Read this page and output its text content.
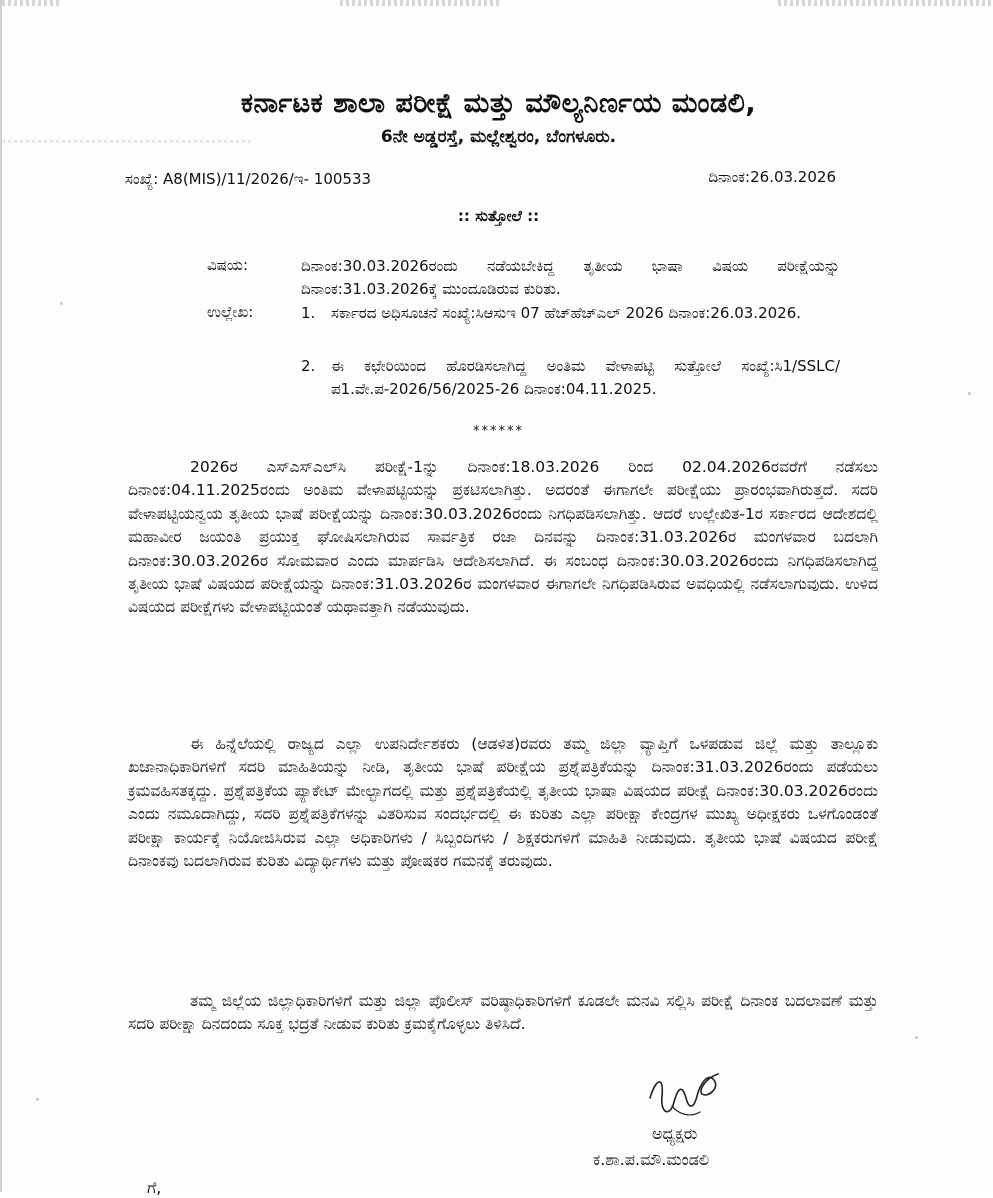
ಕರ್ನಾಟಕ ಶಾಲಾ ಪರೀಕ್ಷೆ ಮತ್ತು ಮೌಲ್ಯನಿರ್ಣಯ ಮಂಡಲಿ,
6ನೇ ಅಡ್ಡರಸ್ತೆ, ಮಲ್ಲೇಶ್ವರಂ, ಬೆಂಗಳೂರು.
ಸಂಖ್ಯೆ: A8(MIS)/11/2026/ಇ- 100533	ದಿನಾಂಕ:26.03.2026
:: ಸುತ್ತೋಲೆ ::
ವಿಷಯ:	ದಿನಾಂಕ:30.03.2026ರಂದು ನಡೆಯಬೇಕಿದ್ದ ತೃತೀಯ ಭಾಷಾ ವಿಷಯ ಪರೀಕ್ಷೆಯನ್ನು ದಿನಾಂಕ:31.03.2026ಕ್ಕೆ ಮುಂದೂಡಿರುವ ಕುರಿತು.
ಉಲ್ಲೇಖ:	1. ಸರ್ಕಾರದ ಅಧಿಸೂಚನೆ ಸಂಖ್ಯೆ:ಸಿಆಸುಇ 07 ಹೆಚ್‌ಹೆಚ್‌ಎಲ್ 2026 ದಿನಾಂಕ:26.03.2026.
2. ಈ ಕಛೇರಿಯಿಂದ ಹೊರಡಿಸಲಾಗಿದ್ದ ಅಂತಿಮ ವೇಳಾಪಟ್ಟಿ ಸುತ್ತೋಲೆ ಸಂಖ್ಯೆ:ಸಿ1/SSLC/ಪ1.ವೇ.ಪ-2026/56/2025-26 ದಿನಾಂಕ:04.11.2025.
******
2026ರ ಎಸ್‌ಎಸ್‌ಎಲ್‌ಸಿ ಪರೀಕ್ಷೆ-1ನ್ನು ದಿನಾಂಕ:18.03.2026 ರಿಂದ 02.04.2026ರವರೆಗೆ ನಡೆಸಲು ದಿನಾಂಕ:04.11.2025ರಂದು ಅಂತಿಮ ವೇಳಾಪಟ್ಟಿಯನ್ನು ಪ್ರಕಟಿಸಲಾಗಿತ್ತು. ಅದರಂತೆ ಈಗಾಗಲೇ ಪರೀಕ್ಷೆಯು ಪ್ರಾರಂಭವಾಗಿರುತ್ತದೆ. ಸದರಿ ವೇಳಾಪಟ್ಟಿಯನ್ವಯ ತೃತೀಯ ಭಾಷೆ ಪರೀಕ್ಷೆಯನ್ನು ದಿನಾಂಕ:30.03.2026ರಂದು ನಿಗಧಿಪಡಿಸಲಾಗಿತ್ತು. ಆದರೆ ಉಲ್ಲೇಖಿತ-1ರ ಸರ್ಕಾರದ ಆದೇಶದಲ್ಲಿ ಮಹಾವೀರ ಜಯಂತಿ ಪ್ರಯುಕ್ತ ಘೋಷಿಸಲಾಗಿರುವ ಸಾರ್ವತ್ರಿಕ ರಜಾ ದಿನವನ್ನು ದಿನಾಂಕ:31.03.2026ರ ಮಂಗಳವಾರ ಬದಲಾಗಿ ದಿನಾಂಕ:30.03.2026ರ ಸೋಮವಾರ ಎಂದು ಮಾರ್ಪಡಿಸಿ ಆದೇಶಿಸಲಾಗಿದೆ. ಈ ಸಂಬಂಧ ದಿನಾಂಕ:30.03.2026ರಂದು ನಿಗಧಿಪಡಿಸಲಾಗಿದ್ದ ತೃತೀಯ ಭಾಷೆ ವಿಷಯದ ಪರೀಕ್ಷೆಯನ್ನು ದಿನಾಂಕ:31.03.2026ರ ಮಂಗಳವಾರ ಈಗಾಗಲೇ ನಿಗಧಿಪಡಿಸಿರುವ ಅವಧಿಯಲ್ಲಿ ನಡೆಸಲಾಗುವುದು. ಉಳಿದ ವಿಷಯದ ಪರೀಕ್ಷೆಗಳು ವೇಳಾಪಟ್ಟಿಯಂತೆ ಯಥಾವತ್ತಾಗಿ ನಡೆಯುವುದು.
ಈ ಹಿನ್ನೆಲೆಯಲ್ಲಿ ರಾಜ್ಯದ ಎಲ್ಲಾ ಉಪನಿರ್ದೇಶಕರು (ಆಡಳಿತ)ರವರು ತಮ್ಮ ಜಿಲ್ಲಾ ವ್ಯಾಪ್ತಿಗೆ ಒಳಪಡುವ ಜಿಲ್ಲೆ ಮತ್ತು ತಾಲ್ಲೂಕು ಖಜಾನಾಧಿಕಾರಿಗಳಿಗೆ ಸದರಿ ಮಾಹಿತಿಯನ್ನು ನೀಡಿ, ತೃತೀಯ ಭಾಷೆ ಪರೀಕ್ಷೆಯ ಪ್ರಶ್ನೆಪತ್ರಿಕೆಯನ್ನು ದಿನಾಂಕ:31.03.2026ರಂದು ಪಡೆಯಲು ಕ್ರಮವಹಿಸತಕ್ಕದ್ದು. ಪ್ರಶ್ನೆಪತ್ರಿಕೆಯ ಪ್ಯಾಕೇಟ್ ಮೇಲ್ಭಾಗದಲ್ಲಿ ಮತ್ತು ಪ್ರಶ್ನೆಪತ್ರಿಕೆಯಲ್ಲಿ ತೃತೀಯ ಭಾಷಾ ವಿಷಯದ ಪರೀಕ್ಷೆ ದಿನಾಂಕ:30.03.2026ರಂದು ಎಂದು ನಮೂದಾಗಿದ್ದು, ಸದರಿ ಪ್ರಶ್ನೆಪತ್ರಿಕೆಗಳನ್ನು ವಿತರಿಸುವ ಸಂದರ್ಭದಲ್ಲಿ ಈ ಕುರಿತು ಎಲ್ಲಾ ಪರೀಕ್ಷಾ ಕೇಂದ್ರಗಳ ಮುಖ್ಯ ಅಧೀಕ್ಷಕರು ಒಳಗೊಂಡಂತೆ ಪರೀಕ್ಷಾ ಕಾರ್ಯಕ್ಕೆ ನಿಯೋಜಿಸಿರುವ ಎಲ್ಲಾ ಅಧಿಕಾರಿಗಳು / ಸಿಬ್ಬಂದಿಗಳು / ಶಿಕ್ಷಕರುಗಳಿಗೆ ಮಾಹಿತಿ ನೀಡುವುದು. ತೃತೀಯ ಭಾಷೆ ವಿಷಯದ ಪರೀಕ್ಷೆ ದಿನಾಂಕವು ಬದಲಾಗಿರುವ ಕುರಿತು ವಿದ್ಯಾರ್ಥಿಗಳು ಮತ್ತು ಪೋಷಕರ ಗಮನಕ್ಕೆ ತರುವುದು.
ತಮ್ಮ ಜಿಲ್ಲೆಯ ಜಿಲ್ಲಾಧಿಕಾರಿಗಳಿಗೆ ಮತ್ತು ಜಿಲ್ಲಾ ಪೊಲೀಸ್ ವರಿಷ್ಠಾಧಿಕಾರಿಗಳಿಗೆ ಕೂಡಲೇ ಮನವಿ ಸಲ್ಲಿಸಿ ಪರೀಕ್ಷೆ ದಿನಾಂಕ ಬದಲಾವಣೆ ಮತ್ತು ಸದರಿ ಪರೀಕ್ಷಾ ದಿನದಂದು ಸೂಕ್ತ ಭದ್ರತೆ ನೀಡುವ ಕುರಿತು ಕ್ರಮಕೈಗೊಳ್ಳಲು ತಿಳಿಸಿದೆ.
ಅಧ್ಯಕ್ಷರು
ಕ.ಶಾ.ಪ.ಮೌ.ಮಂಡಲಿ
ಗೆ,
